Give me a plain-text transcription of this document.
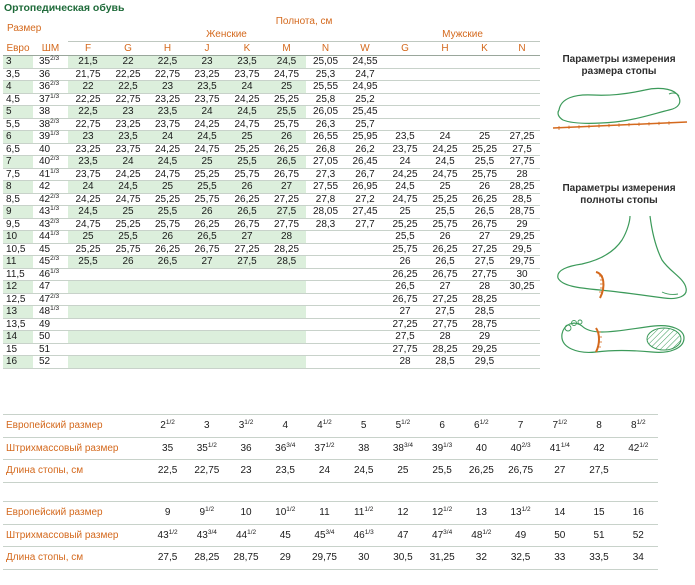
Ортопедическая обувь
Размер		Полнота, см											
		Женские								Мужские			
Евро	ШМ	F	G	H	J	K	M	N	W	G	H	K	N
3	$35^{2/3}$	21,5	22	22,5	23	23,5	24,5	25,05	24,55				
3,5	36	21,75	22,25	22,75	23,25	23,75	24,75	25,3	24,7				
4	$36^{2/3}$	22	22,5	23	23,5	24	25	25,55	24,95				
4,5	$37^{1/3}$	22,25	22,75	23,25	23,75	24,25	25,25	25,8	25,2				
5	38	22,5	23	23,5	24	24,5	25,5	26,05	25,45				
5,5	$38^{2/3}$	22,75	23,25	23,75	24,25	24,75	25,75	26,3	25,7				
6	$39^{1/3}$	23	23,5	24	24,5	25	26	26,55	25,95	23,5	24	25	27,25
6,5	40	23,25	23,75	24,25	24,75	25,25	26,25	26,8	26,2	23,75	24,25	25,25	27,5
7	$40^{2/3}$	23,5	24	24,5	25	25,5	26,5	27,05	26,45	24	24,5	25,5	27,75
7,5	$41^{1/3}$	23,75	24,25	24,75	25,25	25,75	26,75	27,3	26,7	24,25	24,75	25,75	28
8	42	24	24,5	25	25,5	26	27	27,55	26,95	24,5	25	26	28,25
8,5	$42^{2/3}$	24,25	24,75	25,25	25,75	26,25	27,25	27,8	27,2	24,75	25,25	26,25	28,5
9	$43^{1/3}$	24,5	25	25,5	26	26,5	27,5	28,05	27,45	25	25,5	26,5	28,75
9,5	$43^{2/3}$	24,75	25,25	25,75	26,25	26,75	27,75	28,3	27,7	25,25	25,75	26,75	29
10	$44^{1/3}$	25	25,5	26	26,5	27	28			25,5	26	27	29,25
10,5	45	25,25	25,75	26,25	26,75	27,25	28,25			25,75	26,25	27,25	29,5
11	$45^{2/3}$	25,5	26	26,5	27	27,5	28,5			26	26,5	27,5	29,75
11,5	$46^{1/3}$									26,25	26,75	27,75	30
12	47									26,5	27	28	30,25
12,5	$47^{2/3}$									26,75	27,25	28,25	
13	$48^{1/3}$									27	27,5	28,5	
13,5	49									27,25	27,75	28,75	
14	50									27,5	28	29	
15	51									27,75	28,25	29,25	
16	52									28	28,5	29,5	
Параметры измерения размера стопы
Параметры измерения полноты стопы
Европейский размер	$2^{1/2}$	3	$3^{1/2}$	4	$4^{1/2}$	5	$5^{1/2}$	6	$6^{1/2}$	7	$7^{1/2}$	8	$8^{1/2}$
Штрихмассовый размер	35	$35^{1/2}$	36	$36^{3/4}$	$37^{1/2}$	38	$38^{3/4}$	$39^{1/3}$	40	$40^{2/3}$	$41^{1/4}$	42	$42^{1/2}$
Длина стопы, см	22,5	22,75	23	23,5	24	24,5	25	25,5	26,25	26,75	27	27,5	
Европейский размер	9	$9^{1/2}$	10	$10^{1/2}$	11	$11^{1/2}$	12	$12^{1/2}$	13	$13^{1/2}$	14	15	16
Штрихмассовый размер	$43^{1/2}$	$43^{3/4}$	$44^{1/2}$	45	$45^{3/4}$	$46^{1/3}$	47	$47^{3/4}$	$48^{1/2}$	49	50	51	52
Длина стопы, см	27,5	28,25	28,75	29	29,75	30	30,5	31,25	32	32,5	33	33,5	34
